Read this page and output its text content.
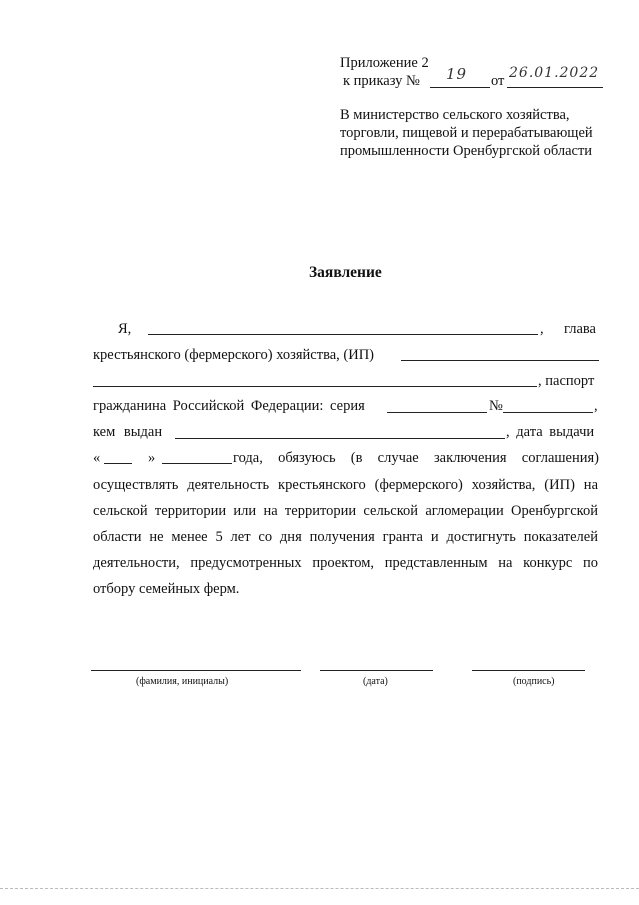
Приложение 2
к приказу № 19 от 26.01.2022
В министерство сельского хозяйства,
торговли, пищевой и перерабатывающей
промышленности Оренбургской области
Заявление
Я,	, глава
крестьянского (фермерского) хозяйства, (ИП)
, паспорт
гражданина Российской Федерации: серия	№	,
кем выдан	, дата выдачи
«	»	года, обязуюсь (в случае заключения соглашения)
осуществлять деятельность крестьянского (фермерского) хозяйства, (ИП) на
сельской территории или на территории сельской агломерации Оренбургской
области не менее 5 лет со дня получения гранта и достигнуть показателей
деятельности, предусмотренных проектом, представленным на конкурс по
отбору семейных ферм.
(фамилия, инициалы)	(дата)	(подпись)
